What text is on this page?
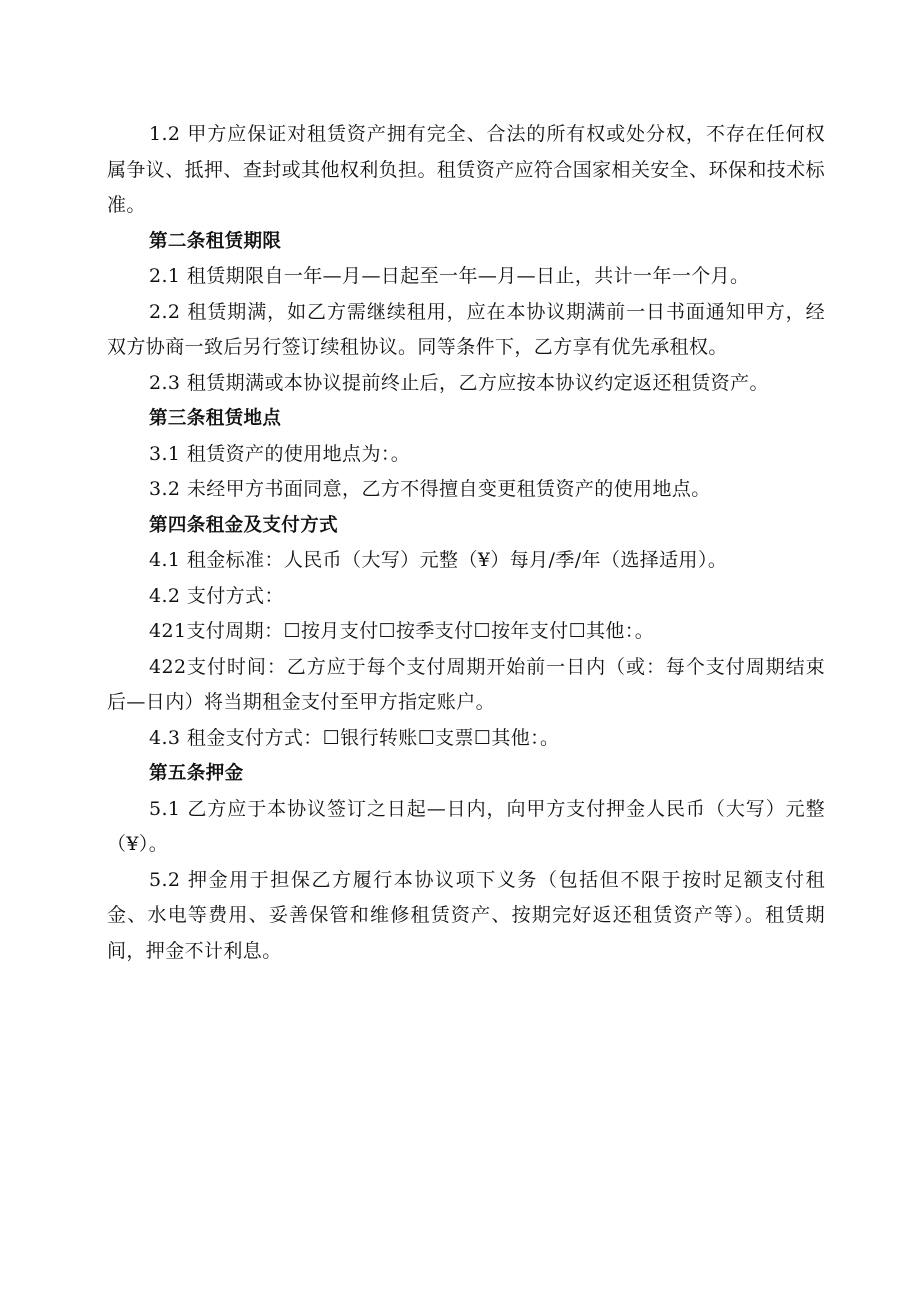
1.2 甲方应保证对租赁资产拥有完全、合法的所有权或处分权，不存在任何权属争议、抵押、查封或其他权利负担。租赁资产应符合国家相关安全、环保和技术标准。

第二条租赁期限

2.1 租赁期限自一年—月—日起至一年—月—日止，共计一年一个月。

2.2 租赁期满，如乙方需继续租用，应在本协议期满前一日书面通知甲方，经双方协商一致后另行签订续租协议。同等条件下，乙方享有优先承租权。

2.3 租赁期满或本协议提前终止后，乙方应按本协议约定返还租赁资产。

第三条租赁地点

3.1 租赁资产的使用地点为：。

3.2 未经甲方书面同意，乙方不得擅自变更租赁资产的使用地点。

第四条租金及支付方式

4.1 租金标准：人民币（大写）元整（¥）每月/季/年（选择适用）。

4.2 支付方式：

421支付周期：☐按月支付☐按季支付☐按年支付☐其他：。

422支付时间：乙方应于每个支付周期开始前一日内（或：每个支付周期结束后—日内）将当期租金支付至甲方指定账户。

4.3 租金支付方式：☐银行转账☐支票☐其他：。

第五条押金

5.1 乙方应于本协议签订之日起—日内，向甲方支付押金人民币（大写）元整（¥）。

5.2 押金用于担保乙方履行本协议项下义务（包括但不限于按时足额支付租金、水电等费用、妥善保管和维修租赁资产、按期完好返还租赁资产等）。租赁期间，押金不计利息。
